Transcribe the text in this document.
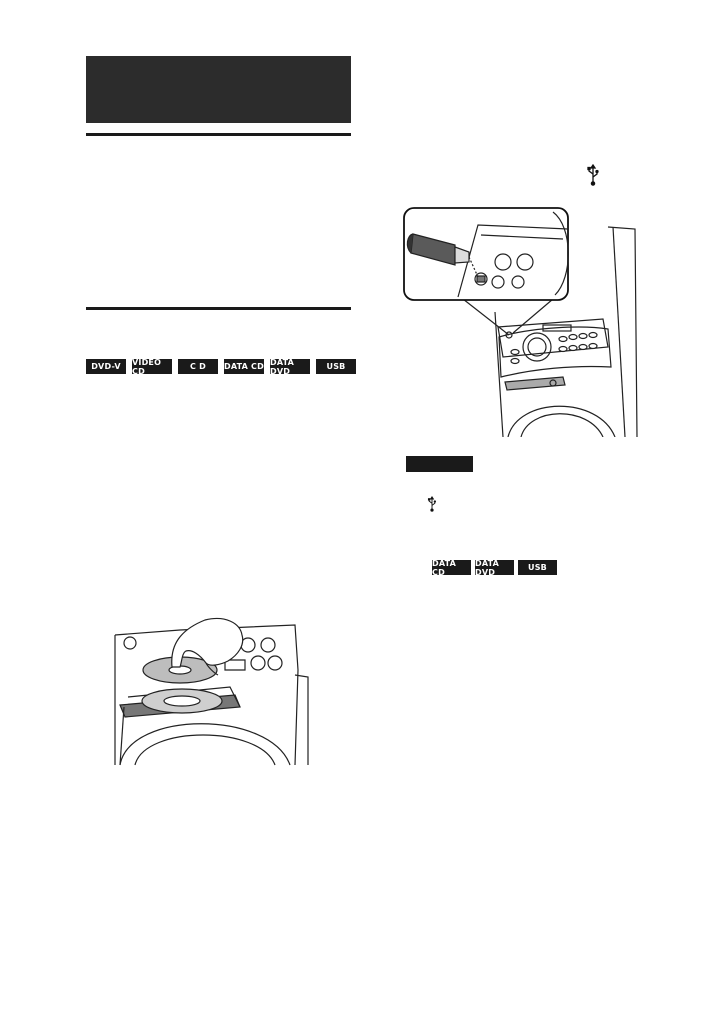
DVD-V	VIDEO CD	C D	DATA CD DATA DVD	USB
DATA CD
DATA DVD	USB
